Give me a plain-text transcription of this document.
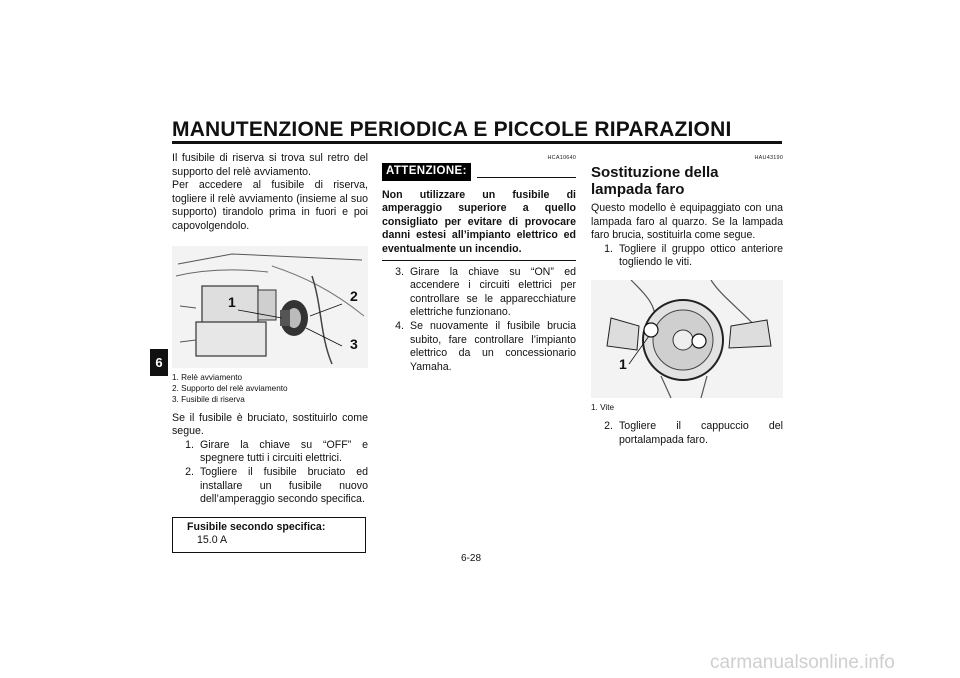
MANUTENZIONE PERIODICA E PICCOLE RIPARAZIONI
6

Il fusibile di riserva si trova sul retro del supporto del relè avviamento.

Per accedere al fusibile di riserva, togliere il relè avviamento (insieme al suo supporto) tirandolo prima in fuori e poi capovolgendolo.

1	2
3
1. Relè avviamento
2. Supporto del relè avviamento
3. Fusibile di riserva

Se il fusibile è bruciato, sostituirlo come segue.

1. Girare la chiave su “OFF” e spegnere tutti i circuiti elettrici.
2. Togliere il fusibile bruciato ed installare un fusibile nuovo dell’amperaggio secondo specifica.
Fusibile secondo specifica:
15.0 A
HCA10640
ATTENZIONE:
Non utilizzare un fusibile di amperaggio superiore a quello consigliato per evitare di provocare danni estesi all’impianto elettrico ed eventualmente un incendio.
3. Girare la chiave su “ON” ed accendere i circuiti elettrici per controllare se le apparecchiature elettriche funzionano.
4. Se nuovamente il fusibile brucia subito, fare controllare l’impianto elettrico da un concessionario Yamaha.
HAU43190
Sostituzione della lampada faro

Questo modello è equipaggiato con una lampada faro al quarzo. Se la lampada faro brucia, sostituirla come segue.

1. Togliere il gruppo ottico anteriore togliendo le viti.
1
1. Vite
2. Togliere il cappuccio del portalampada faro.
6-28
carmanualsonline.info
